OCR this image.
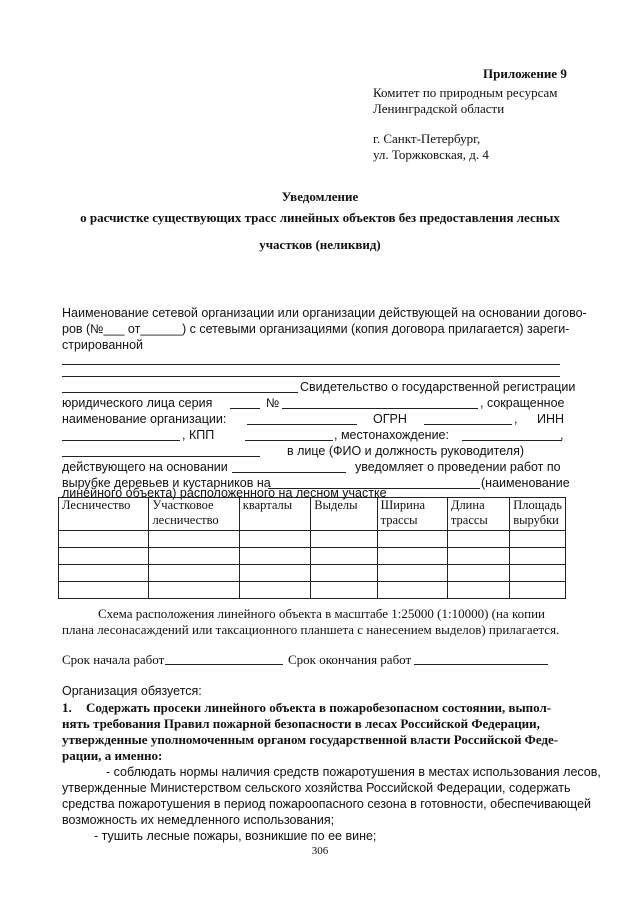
Приложение 9
Комитет по природным ресурсам
Ленинградской области
г. Санкт-Петербург,
ул. Торжковская, д. 4
Уведомление
о расчистке существующих трасс линейных объектов без предоставления лесных
участков (неликвид)
Наименование сетевой организации или организации действующей на основании догово-
ров (№___ от______) с сетевыми организациями (копия договора прилагается) зареги-
стрированной
Свидетельство о государственной регистрации
юридического лица серия	№	, сокращенное
наименование организации:	ОГРН	, ИНН
, КПП	, местонахождение:	,
в лице (ФИО и должность руководителя)
действующего на основании	уведомляет о проведении работ по
вырубке деревьев и кустарников на	(наименование
линейного объекта) расположенного на лесном участке
Лесничество	Участковое лесничество	кварталы	Выделы	Ширина трассы	Длина трассы	Площадь вырубки

Схема расположения линейного объекта в масштабе 1:25000 (1:10000) (на копии
плана лесонасаждений или таксационного планшета с нанесением выделов) прилагается.
Срок начала работ	Срок окончания работ
Организация обязуется:
1. Содержать просеки линейного объекта в пожаробезопасном состоянии, выпол-
нять требования Правил пожарной безопасности в лесах Российской Федерации,
утвержденные уполномоченным органом государственной власти Российской Феде-
рации, а именно:
- соблюдать нормы наличия средств пожаротушения в местах использования лесов,
утвержденные Министерством сельского хозяйства Российской Федерации, содержать
средства пожаротушения в период пожароопасного сезона в готовности, обеспечивающей
возможность их немедленного использования;
- тушить лесные пожары, возникшие по ее вине;
306
